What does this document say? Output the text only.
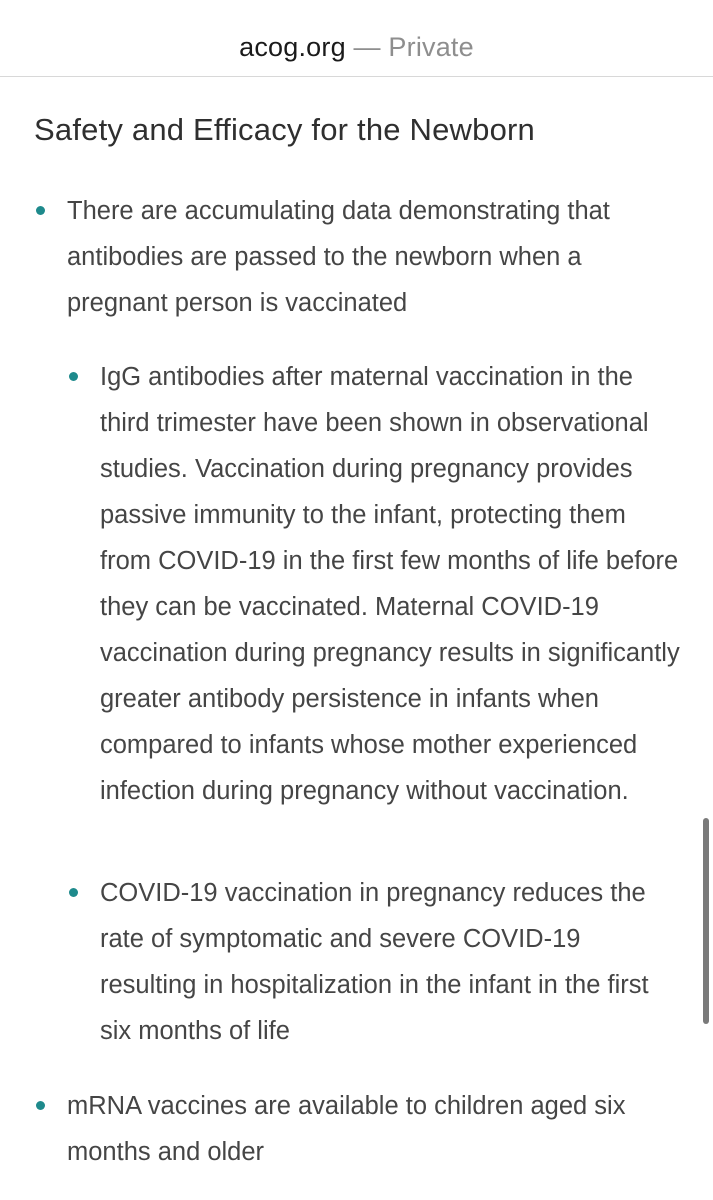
acog.org — Private
Safety and Efficacy for the Newborn
There are accumulating data demonstrating that antibodies are passed to the newborn when a pregnant person is vaccinated
IgG antibodies after maternal vaccination in the third trimester have been shown in observational studies. Vaccination during pregnancy provides passive immunity to the infant, protecting them from COVID-19 in the first few months of life before they can be vaccinated. Maternal COVID-19 vaccination during pregnancy results in significantly greater antibody persistence in infants when compared to infants whose mother experienced infection during pregnancy without vaccination.
COVID-19 vaccination in pregnancy reduces the rate of symptomatic and severe COVID-19 resulting in hospitalization in the infant in the first six months of life
mRNA vaccines are available to children aged six months and older
